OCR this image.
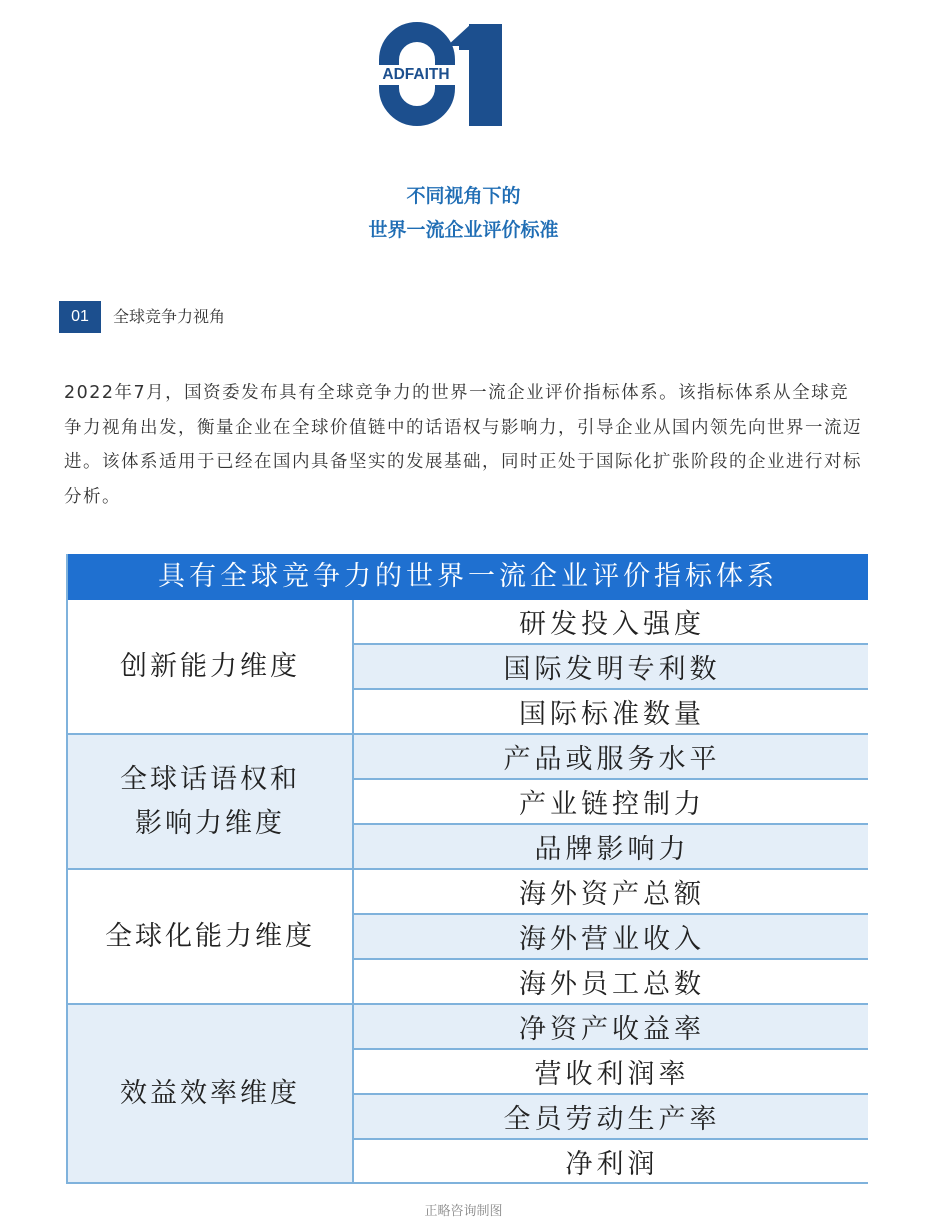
ADFAITH
不同视角下的
世界一流企业评价标准
01	全球竞争力视角

2022年7月，国资委发布具有全球竞争力的世界一流企业评价指标体系。该指标体系从全球竞争力视角出发，衡量企业在全球价值链中的话语权与影响力，引导企业从国内领先向世界一流迈进。该体系适用于已经在国内具备坚实的发展基础，同时正处于国际化扩张阶段的企业进行对标分析。

具有全球竞争力的世界一流企业评价指标体系
创新能力维度
研发投入强度
国际发明专利数
国际标准数量
全球话语权和
影响力维度
产品或服务水平
产业链控制力
品牌影响力
全球化能力维度
海外资产总额
海外营业收入
海外员工总数
效益效率维度
净资产收益率
营收利润率
全员劳动生产率
净利润
正略咨询制图
